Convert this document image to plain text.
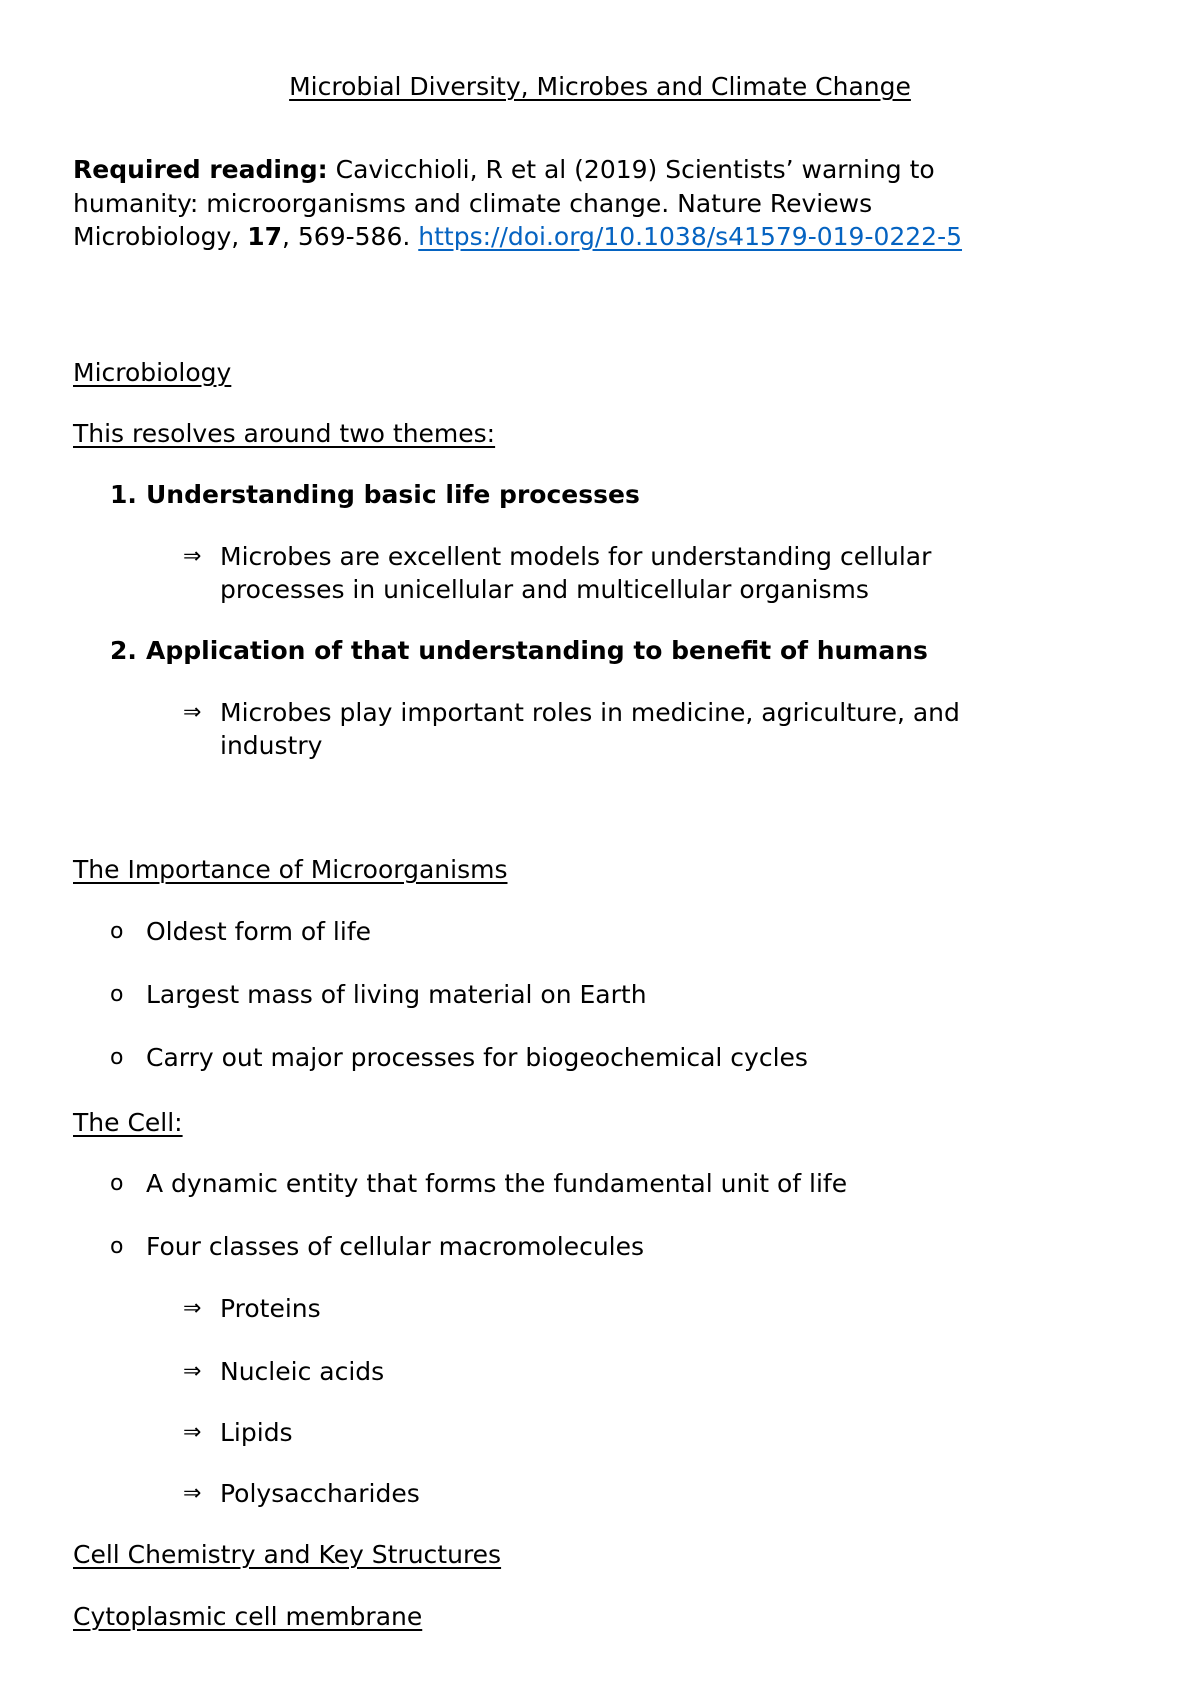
Microbial Diversity, Microbes and Climate Change
Required reading: Cavicchioli, R et al (2019) Scientists’ warning to
humanity: microorganisms and climate change. Nature Reviews
Microbiology, 17, 569-586. https://doi.org/10.1038/s41579-019-0222-5
Microbiology
This resolves around two themes:
1. Understanding basic life processes
⇒ Microbes are excellent models for understanding cellular
processes in unicellular and multicellular organisms
2. Application of that understanding to benefit of humans
⇒ Microbes play important roles in medicine, agriculture, and
industry
The Importance of Microorganisms
o Oldest form of life
o Largest mass of living material on Earth
o Carry out major processes for biogeochemical cycles
The Cell:
o A dynamic entity that forms the fundamental unit of life
o Four classes of cellular macromolecules
⇒ Proteins
⇒ Nucleic acids
⇒ Lipids
⇒ Polysaccharides
Cell Chemistry and Key Structures
Cytoplasmic cell membrane
